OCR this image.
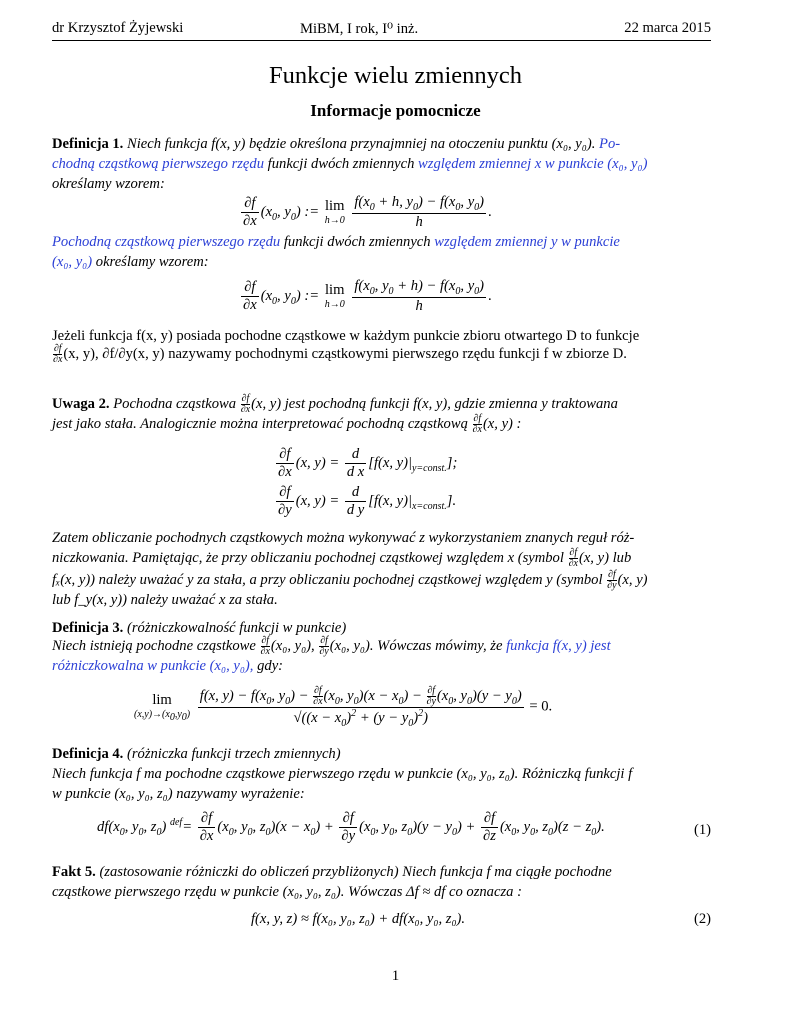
dr Krzysztof Żyjewski	MiBM, I rok, I⁰ inż.	22 marca 2015
Funkcje wielu zmiennych
Informacje pomocnicze
Definicja 1. Niech funkcja f(x, y) będzie określona przynajmniej na otoczeniu punktu (x₀, y₀). Po-
chodną cząstkową pierwszego rzędu funkcji dwóch zmiennych względem zmiennej x w punkcie (x₀, y₀)
określamy wzorem:
$\frac{\partial f}{\partial x} (x_0$, $y_0$) := lim
h→0
$\frac{f(x_0 + h, y_0) - f(x_0, y_0)}{h}$ .
Pochodną cząstkową pierwszego rzędu funkcji dwóch zmiennych względem zmiennej y w punkcie
(x₀, y₀) określamy wzorem:
$\frac{\partial f}{\partial x} (x_0$, $y_0$) := lim
h→0
$\frac{f(x_0, y_0 + h) - f(x_0, y_0)}{h}$ .
Jeżeli funkcja f(x, y) posiada pochodne cząstkowe w każdym punkcie zbioru otwartego D to funkcje
$\frac{\partial f}{\partial x} (x$, y), ∂f/∂y(x, y) nazywamy pochodnymi cząstkowymi pierwszego rzędu funkcji f w zbiorze D.
Uwaga 2. Pochodna cząstkowa $\frac{\partial f}{\partial x} (x$, y) jest pochodną funkcji f(x, y), gdzie zmienna y traktowana
jest jako stała. Analogicznie można interpretować pochodną cząstkową $\frac{\partial f}{\partial x} (x$, y) :
$\frac{\partial f}{\partial x} (x$, $y) = \frac{d}{\text{d x}} [f(x$, $y)|_{y=const.}$];
$\frac{\partial f}{\partial y} (x$, $y) = \frac{d}{\text{d y}} [f(x$, $y)|_{x=const.}$].
Zatem obliczanie pochodnych cząstkowych można wykonywać z wykorzystaniem znanych reguł róż-
niczkowania. Pamiętając, że przy obliczaniu pochodnej cząstkowej względem x (symbol $\frac{\partial f}{\partial x} (x$, y) lub
fₓ(x, y)) należy uważać y za stała, a przy obliczaniu pochodnej cząstkowej względem y (symbol $\frac{\partial f}{\partial y} (x$, y)
lub f_y(x, y)) należy uważać x za stała.
Definicja 3. (różniczkowalność funkcji w punkcie)
Niech istnieją pochodne cząstkowe $\frac{\partial f}{\partial x} (x_0$, y₀), $\frac{\partial f}{\partial y} (x_0$, y₀). Wówczas mówimy, że funkcja f(x, y) jest
różniczkowalna w punkcie (x₀, y₀), gdy:
lim
$(x,y)\to(x_0,y_0)$

f(x, $y) - f(x_0$, $y_0) - \frac{\partial f}{\partial x} (x_0$, $y_0)(x - x_0) - \frac{\partial f}{\partial y} (x_0$, $y_0)(y - y_0)$
$√((x - x_0)^2 + (y - y_0)^2)$
= 0.
Definicja 4. (różniczka funkcji trzech zmiennych)
Niech funkcja f ma pochodne cząstkowe pierwszego rzędu w punkcie (x₀, y₀, z₀). Różniczką funkcji f
w punkcie (x₀, y₀, z₀) nazywamy wyrażenie:
$df(x_0$, $y_0$, $z_0$) $^{def}= \frac{\partial f}{\partial x} (x_0$, $y_0$, $z_0)(x - x_0) + \frac{\partial f}{\partial y} (x_0$, $y_0$, $z_0)(y - y_0) + \frac{\partial f}{\partial z} (x_0$, $y_0$, $z_0)(z - z_0)$.	(1)
Fakt 5. (zastosowanie różniczki do obliczeń przybliżonych) Niech funkcja f ma ciągłe pochodne
cząstkowe pierwszego rzędu w punkcie (x₀, y₀, z₀). Wówczas Δf ≈ df co oznacza :
f(x, y, z) ≈ f(x₀, y₀, z₀) + df(x₀, y₀, z₀).	(2)
1
